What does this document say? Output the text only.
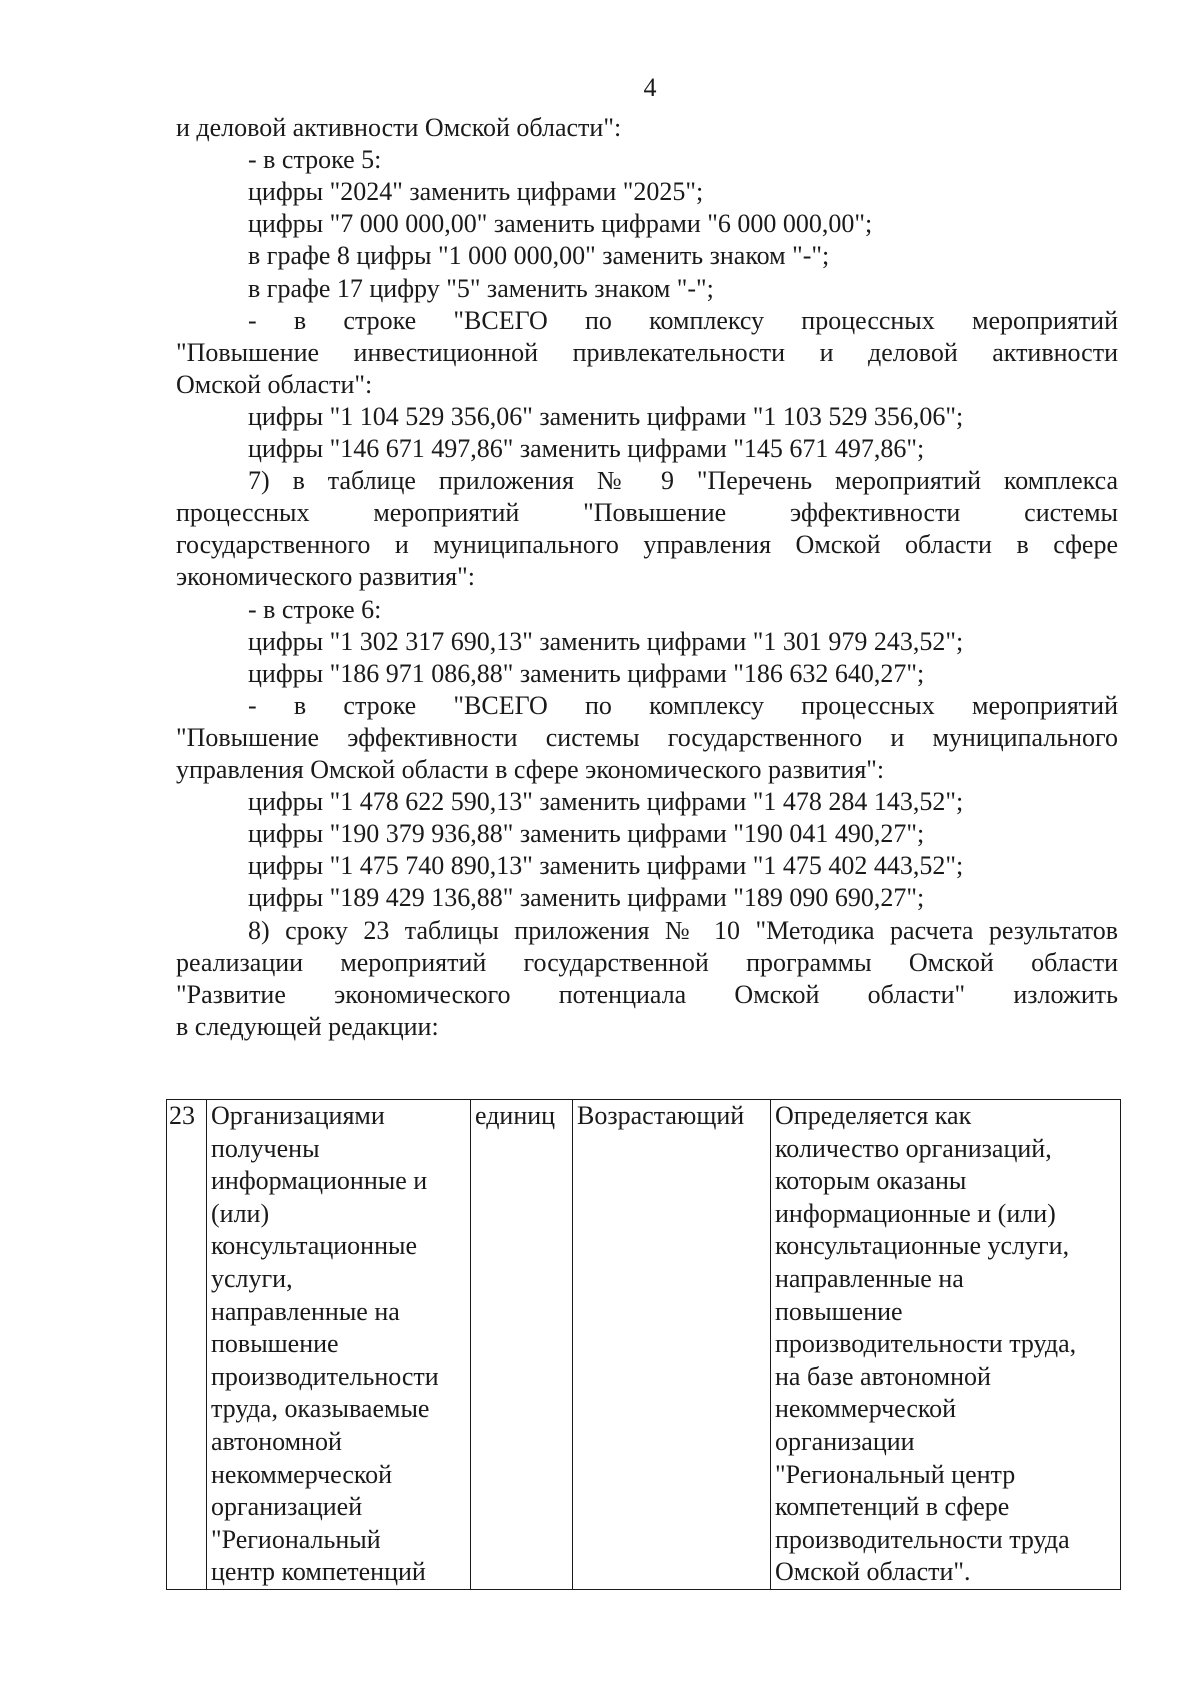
4
и деловой активности Омской области":
- в строке 5:
цифры "2024" заменить цифрами "2025";
цифры "7 000 000,00" заменить цифрами "6 000 000,00";
в графе 8 цифры "1 000 000,00" заменить знаком "-";
в графе 17 цифру "5" заменить знаком "-";
- в строке "ВСЕГО по комплексу процессных мероприятий
"Повышение инвестиционной привлекательности и деловой активности
Омской области":
цифры "1 104 529 356,06" заменить цифрами "1 103 529 356,06";
цифры "146 671 497,86" заменить цифрами "145 671 497,86";
7) в таблице приложения № 9 "Перечень мероприятий комплекса
процессных мероприятий "Повышение эффективности системы
государственного и муниципального управления Омской области в сфере
экономического развития":
- в строке 6:
цифры "1 302 317 690,13" заменить цифрами "1 301 979 243,52";
цифры "186 971 086,88" заменить цифрами "186 632 640,27";
- в строке "ВСЕГО по комплексу процессных мероприятий
"Повышение эффективности системы государственного и муниципального
управления Омской области в сфере экономического развития":
цифры "1 478 622 590,13" заменить цифрами "1 478 284 143,52";
цифры "190 379 936,88" заменить цифрами "190 041 490,27";
цифры "1 475 740 890,13" заменить цифрами "1 475 402 443,52";
цифры "189 429 136,88" заменить цифрами "189 090 690,27";
8) сроку 23 таблицы приложения № 10 "Методика расчета результатов
реализации мероприятий государственной программы Омской области
"Развитие экономического потенциала Омской области" изложить
в следующей редакции:
23	Организациями
получены
информационные и
(или)
консультационные
услуги,
направленные на
повышение
производительности
труда, оказываемые
автономной
некоммерческой
организацией
"Региональный
центр компетенций	единиц	Возрастающий	Определяется как
количество организаций,
которым оказаны
информационные и (или)
консультационные услуги,
направленные на
повышение
производительности труда,
на базе автономной
некоммерческой
организации
"Региональный центр
компетенций в сфере
производительности труда
Омской области".
